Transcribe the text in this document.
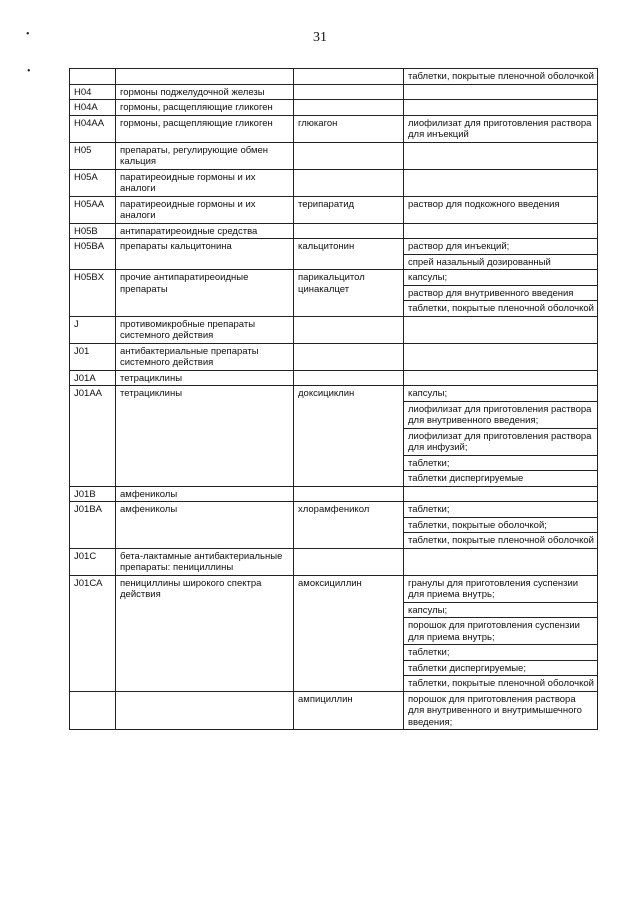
31
•
•
				таблетки, покрытые пленочной оболочкой
H04	гормоны поджелудочной железы		
H04A	гормоны, расщепляющие гликоген		
H04AA	гормоны, расщепляющие гликоген	глюкагон	лиофилизат для приготовления раствора для инъекций
H05	препараты, регулирующие обмен кальция		
H05A	паратиреоидные гормоны и их аналоги		
H05AA	паратиреоидные гормоны и их аналоги	терипаратид	раствор для подкожного введения
H05B	антипаратиреоидные средства		
H05BA	препараты кальцитонина	кальцитонин	раствор для инъекций;
			спрей назальный дозированный
H05BX	прочие антипаратиреоидные препараты	парикальцитол цинакалцет	капсулы;
			раствор для внутривенного введения
			таблетки, покрытые пленочной оболочкой
J	противомикробные препараты системного действия		
J01	антибактериальные препараты системного действия		
J01A	тетрациклины		
J01AA	тетрациклины	доксициклин	капсулы;
			лиофилизат для приготовления раствора для внутривенного введения;
			лиофилизат для приготовления раствора для инфузий;
			таблетки;
			таблетки диспергируемые
J01B	амфениколы		
J01BA	амфениколы	хлорамфеникол	таблетки;
			таблетки, покрытые оболочкой;
			таблетки, покрытые пленочной оболочкой
J01C	бета-лактамные антибактериальные препараты: пенициллины		
J01CA	пенициллины широкого спектра действия	амоксициллин	гранулы для приготовления суспензии для приема внутрь;
			капсулы;
			порошок для приготовления суспензии для приема внутрь;
			таблетки;
			таблетки диспергируемые;
			таблетки, покрытые пленочной оболочкой
		ампициллин	порошок для приготовления раствора для внутривенного и внутримышечного введения;
